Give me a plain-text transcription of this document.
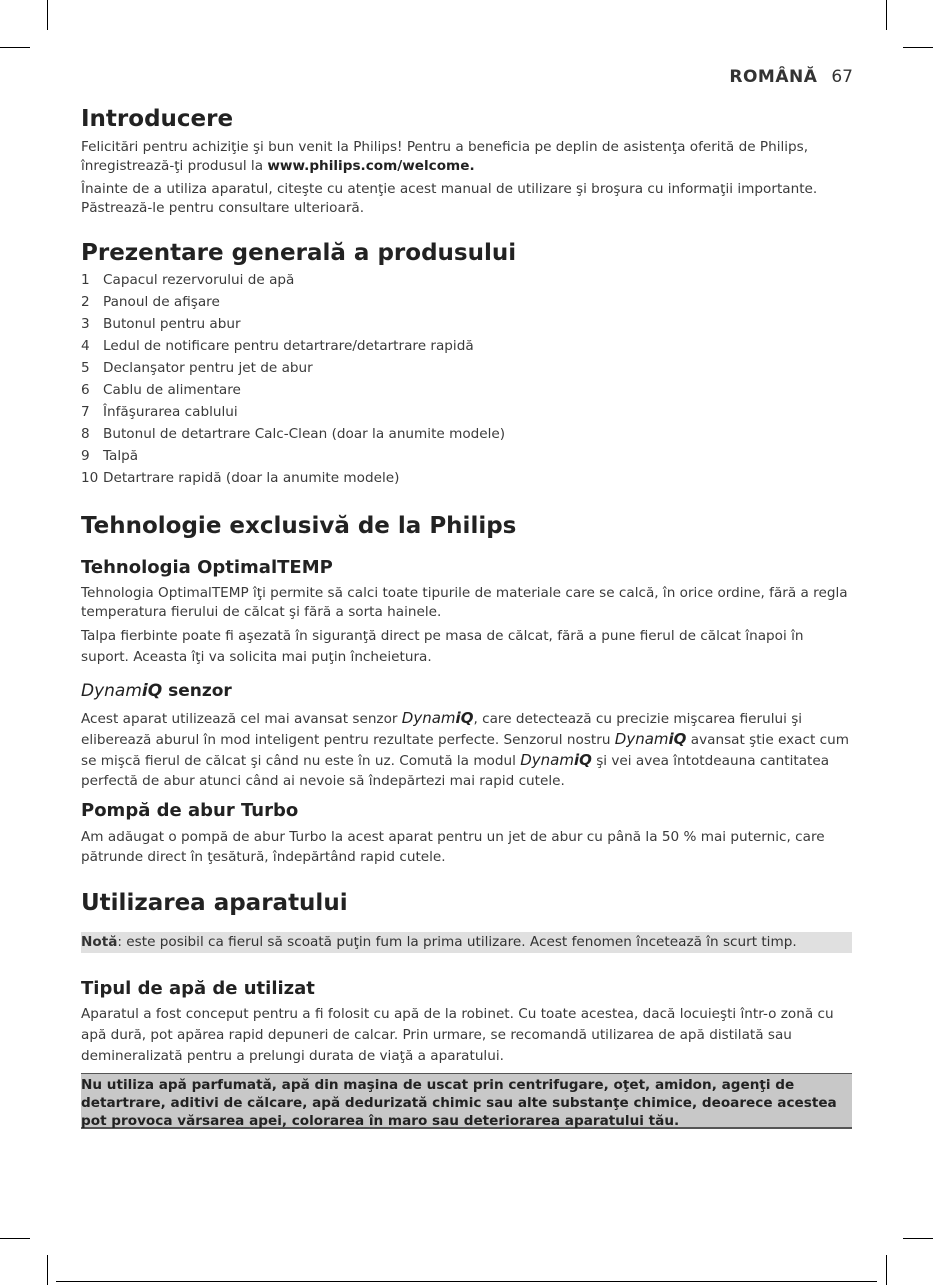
ROMÂNĂ 67
Introducere

Felicitări pentru achiziţie şi bun venit la Philips! Pentru a beneficia pe deplin de asistenţa oferită de Philips, înregistrează-ţi produsul la www.philips.com/welcome.

Înainte de a utiliza aparatul, citeşte cu atenţie acest manual de utilizare şi broşura cu informaţii importante. Păstrează-le pentru consultare ulterioară.

Prezentare generală a produsului
1 Capacul rezervorului de apă
2 Panoul de afişare
3 Butonul pentru abur
4 Ledul de notificare pentru detartrare/detartrare rapidă
5 Declanşator pentru jet de abur
6 Cablu de alimentare
7 Înfăşurarea cablului
8 Butonul de detartrare Calc-Clean (doar la anumite modele)
9 Talpă
10 Detartrare rapidă (doar la anumite modele)
Tehnologie exclusivă de la Philips
Tehnologia OptimalTEMP

Tehnologia OptimalTEMP îţi permite să calci toate tipurile de materiale care se calcă, în orice ordine, fără a regla temperatura fierului de călcat şi fără a sorta hainele.

Talpa fierbinte poate fi aşezată în siguranţă direct pe masa de călcat, fără a pune fierul de călcat înapoi în suport. Aceasta îţi va solicita mai puţin încheietura.

DynamiQ senzor

Acest aparat utilizează cel mai avansat senzor DynamiQ, care detectează cu precizie mişcarea fierului şi eliberează aburul în mod inteligent pentru rezultate perfecte. Senzorul nostru DynamiQ avansat ştie exact cum se mişcă fierul de călcat şi când nu este în uz. Comută la modul DynamiQ şi vei avea întotdeauna cantitatea perfectă de abur atunci când ai nevoie să îndepărtezi mai rapid cutele.

Pompă de abur Turbo

Am adăugat o pompă de abur Turbo la acest aparat pentru un jet de abur cu până la 50 % mai puternic, care pătrunde direct în ţesătură, îndepărtând rapid cutele.

Utilizarea aparatului
Notă: este posibil ca fierul să scoată puţin fum la prima utilizare. Acest fenomen încetează în scurt timp.
Tipul de apă de utilizat

Aparatul a fost conceput pentru a fi folosit cu apă de la robinet. Cu toate acestea, dacă locuieşti într-o zonă cu apă dură, pot apărea rapid depuneri de calcar. Prin urmare, se recomandă utilizarea de apă distilată sau demineralizată pentru a prelungi durata de viaţă a aparatului.

Nu utiliza apă parfumată, apă din maşina de uscat prin centrifugare, oţet, amidon, agenţi de detartrare, aditivi de călcare, apă dedurizată chimic sau alte substanţe chimice, deoarece acestea pot provoca vărsarea apei, colorarea în maro sau deteriorarea aparatului tău.
